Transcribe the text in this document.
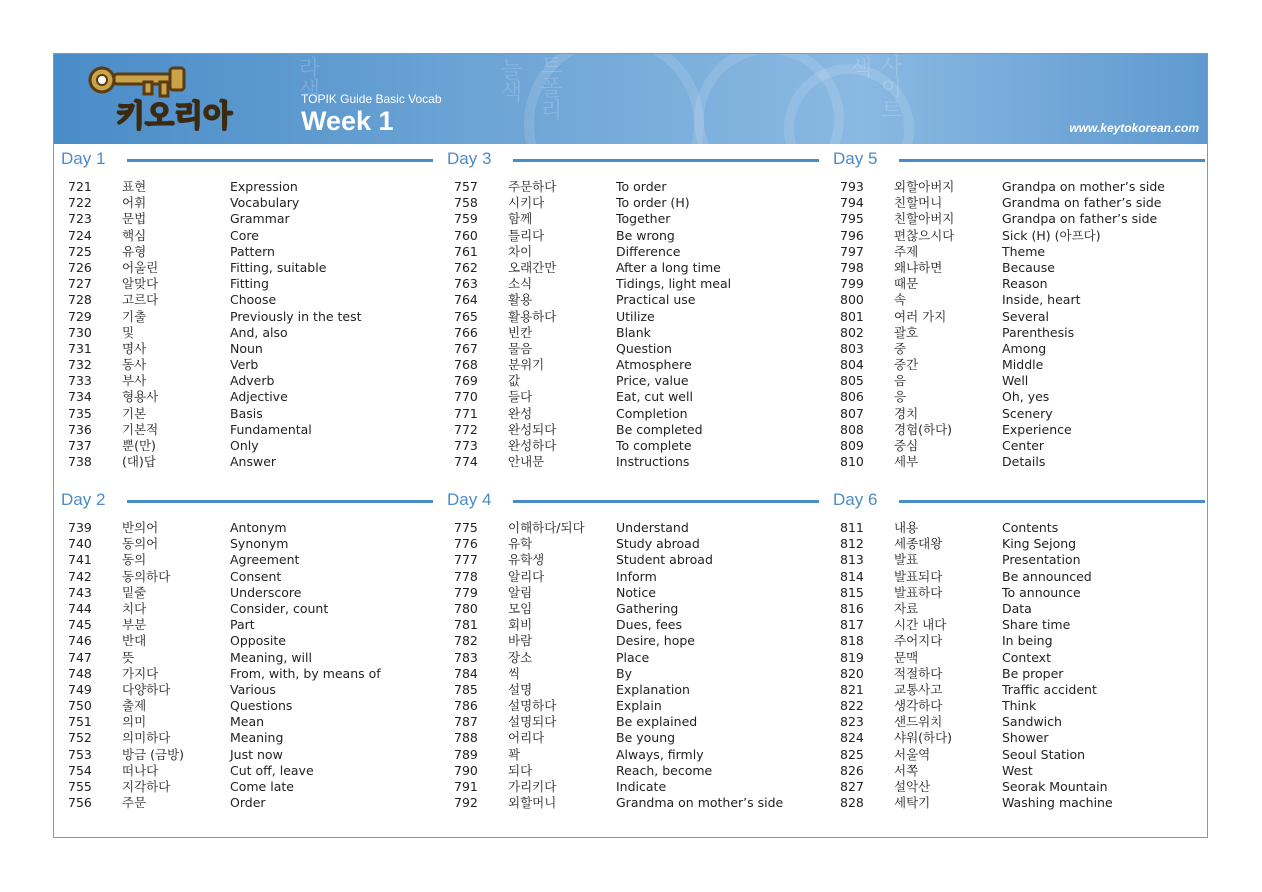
라색	늘색 트폴리	색 사이트
키오리아	TOPIK Guide Basic Vocab
Week 1	www.keytokorean.com
Day 1
721 표현	Expression
722 어휘	Vocabulary
723 문법	Grammar
724 핵심	Core
725 유형	Pattern
726 어울린	Fitting, suitable
727 알맞다	Fitting
728 고르다	Choose
729 기출	Previously in the test
730 및	And, also
731 명사	Noun
732 동사	Verb
733 부사	Adverb
734 형용사	Adjective
735 기본	Basis
736 기본적	Fundamental
737 뿐(만)	Only
738 (대)답	Answer
Day 3
757 주문하다	To order
758 시키다	To order (H)
759 함께	Together
760 틀리다	Be wrong
761 차이	Difference
762 오래간만	After a long time
763 소식	Tidings, light meal
764 활용	Practical use
765 활용하다	Utilize
766 빈칸	Blank
767 물음	Question
768 분위기	Atmosphere
769 값	Price, value
770 들다	Eat, cut well
771 완성	Completion
772 완성되다	Be completed
773 완성하다	To complete
774 안내문	Instructions
Day 5
793 외할아버지	Grandpa on mother’s side
794 친할머니	Grandma on father’s side
795 친할아버지	Grandpa on father’s side
796 편찮으시다	Sick (H) (아프다)
797 주제	Theme
798 왜냐하면	Because
799 때문	Reason
800 속	Inside, heart
801 여러 가지	Several
802 괄호	Parenthesis
803 중	Among
804 중간	Middle
805 음	Well
806 응	Oh, yes
807 경치	Scenery
808 경험(하다)	Experience
809 중심	Center
810 세부	Details
Day 2
739 반의어	Antonym
740 동의어	Synonym
741 동의	Agreement
742 동의하다	Consent
743 밑줄	Underscore
744 치다	Consider, count
745 부분	Part
746 반대	Opposite
747 뜻	Meaning, will
748 가지다	From, with, by means of
749 다양하다	Various
750 출제	Questions
751 의미	Mean
752 의미하다	Meaning
753 방금 (금방)	Just now
754 떠나다	Cut off, leave
755 지각하다	Come late
756 주문	Order
Day 4
775 이해하다/되다	Understand
776 유학	Study abroad
777 유학생	Student abroad
778 알리다	Inform
779 알림	Notice
780 모임	Gathering
781 회비	Dues, fees
782 바람	Desire, hope
783 장소	Place
784 씩	By
785 설명	Explanation
786 설명하다	Explain
787 설명되다	Be explained
788 어리다	Be young
789 꽉	Always, firmly
790 되다	Reach, become
791 가리키다	Indicate
792 외할머니	Grandma on mother’s side
Day 6
811 내용	Contents
812 세종대왕	King Sejong
813 발표	Presentation
814 발표되다	Be announced
815 발표하다	To announce
816 자료	Data
817 시간 내다	Share time
818 주어지다	In being
819 문맥	Context
820 적절하다	Be proper
821 교통사고	Traffic accident
822 생각하다	Think
823 샌드위치	Sandwich
824 샤워(하다)	Shower
825 서울역	Seoul Station
826 서쪽	West
827 설악산	Seorak Mountain
828 세탁기	Washing machine
